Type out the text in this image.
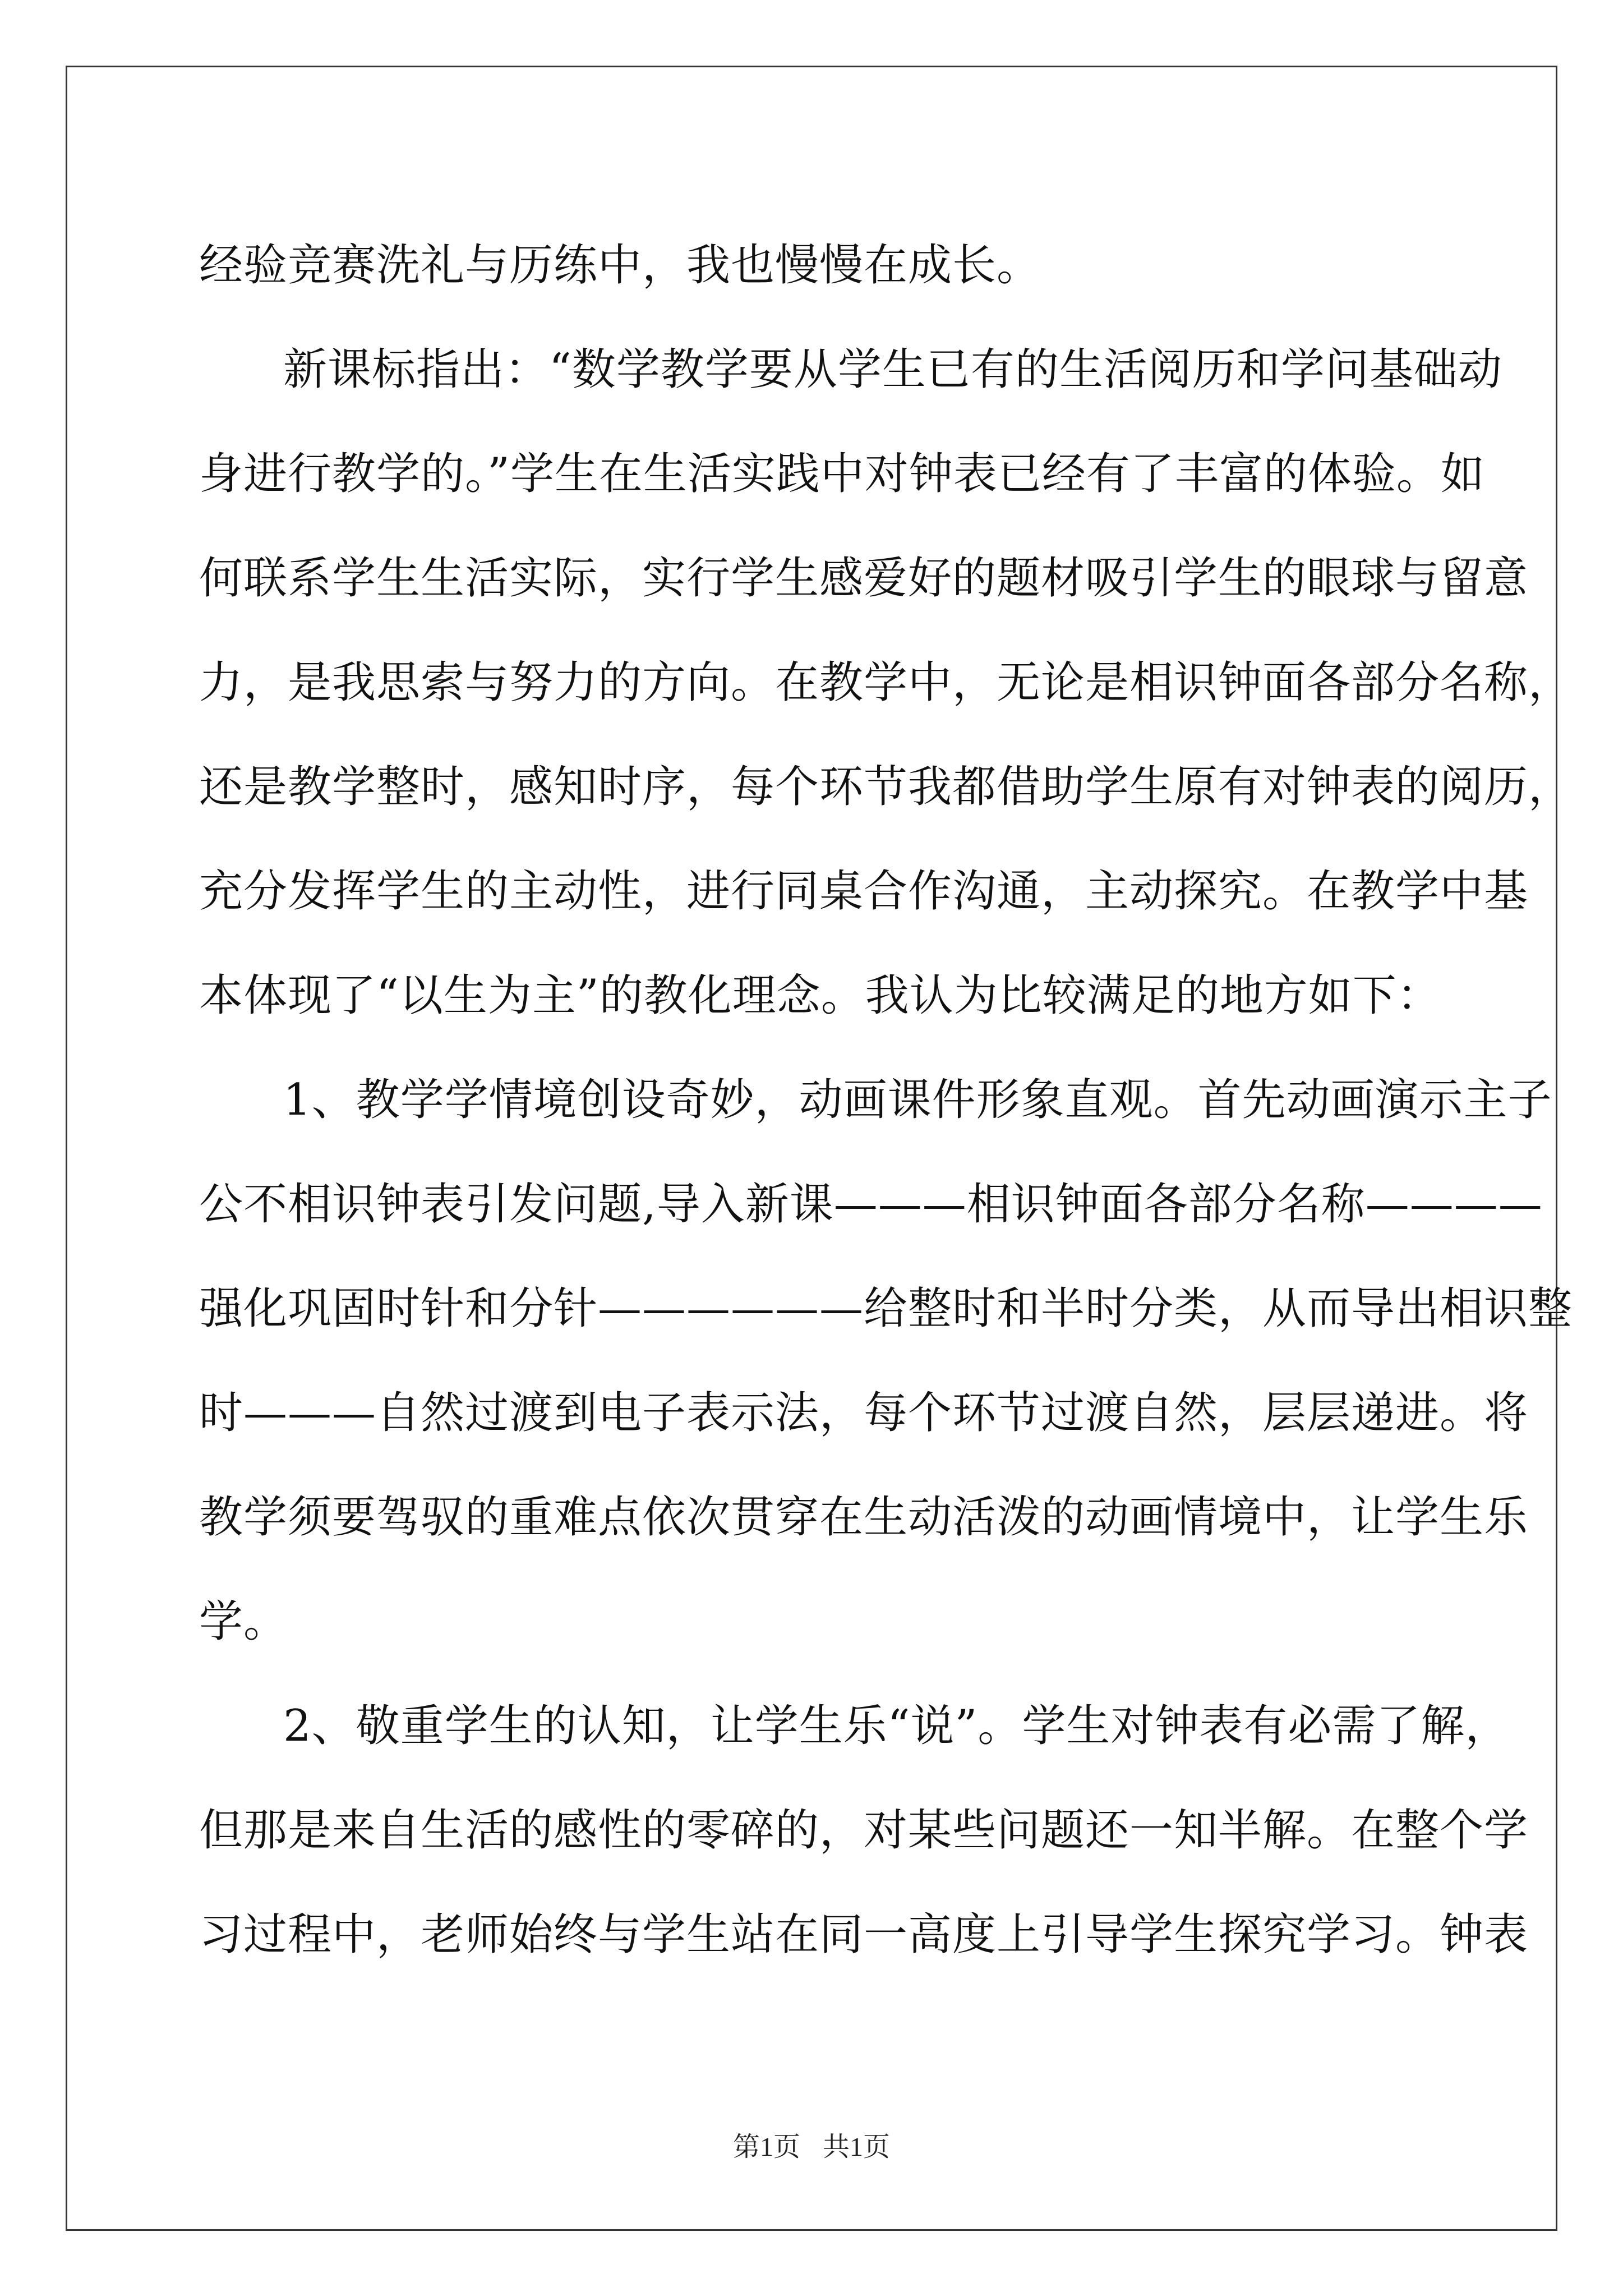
经验竞赛洗礼与历练中，我也慢慢在成长。
新课标指出：“数学教学要从学生已有的生活阅历和学问基础动
身进行教学的。”学生在生活实践中对钟表已经有了丰富的体验。如
何联系学生生活实际，实行学生感爱好的题材吸引学生的眼球与留意
力，是我思索与努力的方向。在教学中，无论是相识钟面各部分名称，
还是教学整时，感知时序，每个环节我都借助学生原有对钟表的阅历，
充分发挥学生的主动性，进行同桌合作沟通，主动探究。在教学中基
本体现了“以生为主”的教化理念。我认为比较满足的地方如下：
1、教学学情境创设奇妙，动画课件形象直观。首先动画演示主子
公不相识钟表引发问题,导入新课———相识钟面各部分名称————
强化巩固时针和分针——————给整时和半时分类，从而导出相识整
时———自然过渡到电子表示法，每个环节过渡自然，层层递进。将
教学须要驾驭的重难点依次贯穿在生动活泼的动画情境中，让学生乐
学。
2、敬重学生的认知，让学生乐“说”。学生对钟表有必需了解，
但那是来自生活的感性的零碎的，对某些问题还一知半解。在整个学
习过程中，老师始终与学生站在同一高度上引导学生探究学习。钟表
第1页 共1页
